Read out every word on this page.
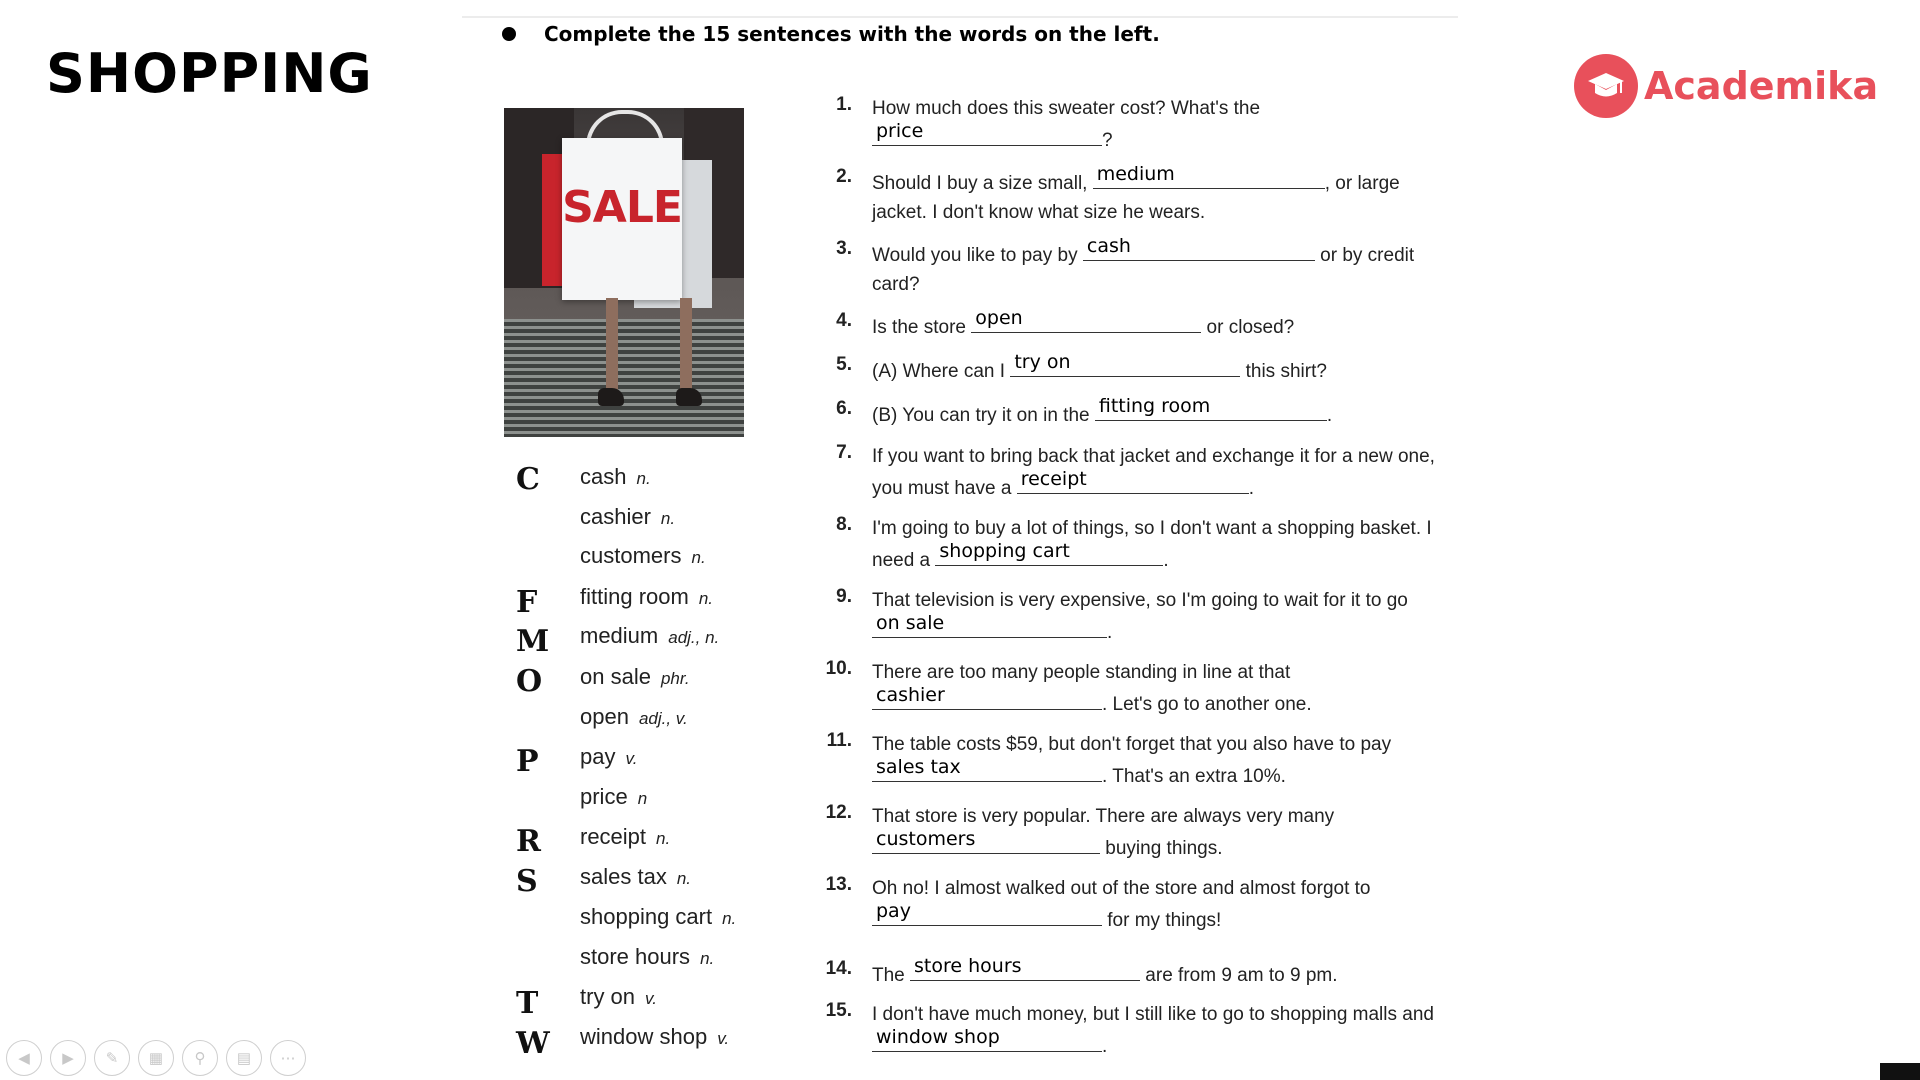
SHOPPING	Academika
Complete the 15 sentences with the words on the left.
SALE
C cash n.
cashier n.
customers n.
F fitting room n.
M medium adj., n.
O on sale phr.
open adj., v.
P pay v.
price n
R receipt n.
S sales tax n.
shopping cart n.
store hours n.
T try on v.
W window shop v.
1. How much does this sweater cost? What's the

price	?
2. Should I buy a size small, medium	, or large jacket. I don't know what size he wears.
3. Would you like to pay by cash	or by credit card?
4. Is the store open	or closed?
5. (A) Where can I try on	this shirt?
6. (B) You can try it on in the fitting room	.
7. If you want to bring back that jacket and exchange it for a new one, you must have a receipt	.
8. I'm going to buy a lot of things, so I don't want a shopping basket. I need a shopping cart	.
9. That television is very expensive, so I'm going to wait for it to go
on sale	.
10. There are too many people standing in line at that

cashier	. Let's go to another one.
11. The table costs $59, but don't forget that you also have to pay
sales tax	. That's an extra 10%.
12. That store is very popular. There are always very many
customers	buying things.
13. Oh no! I almost walked out of the store and almost forgot to
pay	for my things!
14. The store hours	are from 9 am to 9 pm.
15. I don't have much money, but I still like to go to shopping malls and
window shop	.
◀	▶	✎	▦	⚲	▤	⋯
